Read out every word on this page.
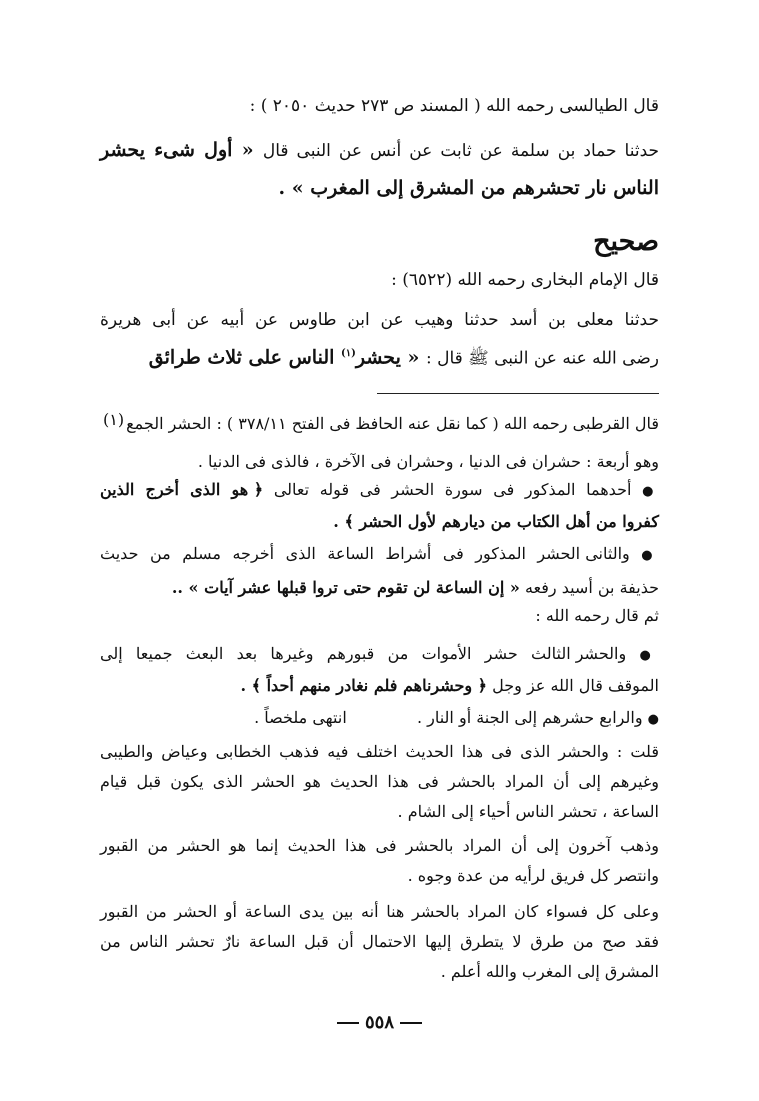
قال الطيالسى رحمه الله ( المسند ص ٢٧٣ حديث ٢٠٥٠ ) :
حدثنا حماد بن سلمة عن ثابت عن أنس عن النبى قال « أول شىء يحشر
الناس نار تحشرهم من المشرق إلى المغرب » .
صحيح
قال الإمام البخارى رحمه الله (٦٥٢٢) :
حدثنا معلى بن أسد حدثنا وهيب عن ابن طاوس عن أبيه عن أبى هريرة
رضى الله عنه عن النبى ﷺ قال : « يحشر$^{(١)}$ الناس على ثلاث طرائق
(١) قال القرطبى رحمه الله ( كما نقل عنه الحافظ فى الفتح ٣٧٨/١١ ) : الحشر الجمع
وهو أربعة : حشران فى الدنيا ، وحشران فى الآخرة ، فالذى فى الدنيا .
● أحدهما المذكور فى سورة الحشر فى قوله تعالى ﴿ هو الذى أخرج الذين
كفروا من أهل الكتاب من ديارهم لأول الحشر ﴾ .
● والثانى الحشر المذكور فى أشراط الساعة الذى أخرجه مسلم من حديث
حذيفة بن أسيد رفعه « إن الساعة لن تقوم حتى تروا قبلها عشر آيات » ..
ثم قال رحمه الله :
● والحشر الثالث حشر الأموات من قبورهم وغيرها بعد البعث جميعا إلى
الموقف قال الله عز وجل ﴿ وحشرناهم فلم نغادر منهم أحداً ﴾ .
● والرابع حشرهم إلى الجنة أو النار .  انتهى ملخصاً .
قلت : والحشر الذى فى هذا الحديث اختلف فيه فذهب الخطابى وعياض والطيبى
وغيرهم إلى أن المراد بالحشر فى هذا الحديث هو الحشر الذى يكون قبل قيام
الساعة ، تحشر الناس أحياء إلى الشام .
وذهب آخرون إلى أن المراد بالحشر فى هذا الحديث إنما هو الحشر من القبور
وانتصر كل فريق لرأيه من عدة وجوه .
وعلى كل فسواء كان المراد بالحشر هنا أنه بين يدى الساعة أو الحشر من القبور
فقد صح من طرق لا يتطرق إليها الاحتمال أن قبل الساعة نارٌ تحشر الناس من
المشرق إلى المغرب والله أعلم .
٥٥٨
